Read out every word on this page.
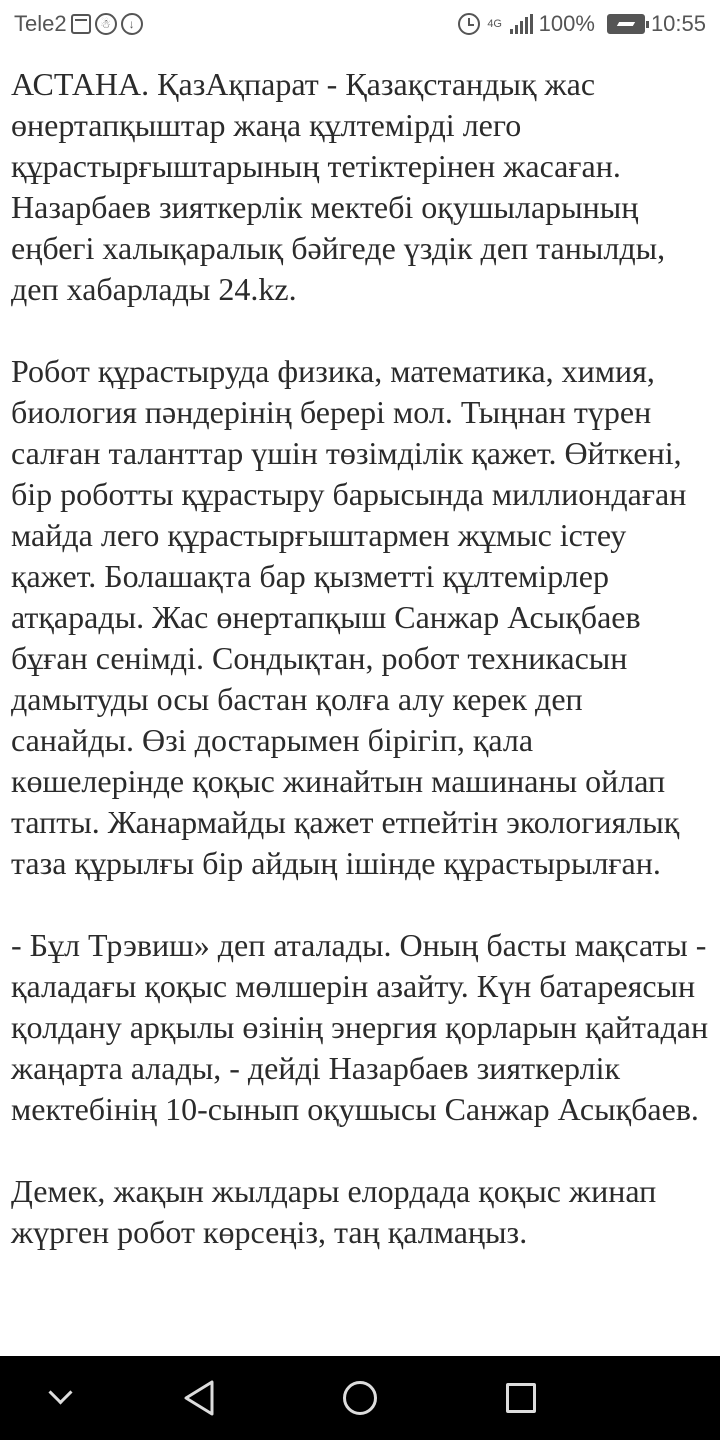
Tele2	☃	↓	4G 100%	10:55

АСТАНА. ҚазАқпарат - Қазақстандық жас өнертапқыштар жаңа құлтемірді лего құрастырғыштарының тетіктерінен жасаған. Назарбаев зияткерлік мектебі оқушыларының еңбегі халықаралық бәйгеде үздік деп танылды, деп хабарлады 24.kz.

Робот құрастыруда физика, математика, химия, биология пәндерінің берері мол. Тыңнан түрен салған таланттар үшін төзімділік қажет. Өйткені, бір роботты құрастыру барысында миллиондаған майда лего құрастырғыштармен жұмыс істеу қажет. Болашақта бар қызметті құлтемірлер атқарады. Жас өнертапқыш Санжар Асықбаев бұған сенімді. Сондықтан, робот техникасын дамытуды осы бастан қолға алу керек деп санайды. Өзі достарымен бірігіп, қала көшелерінде қоқыс жинайтын машинаны ойлап тапты. Жанармайды қажет етпейтін экологиялық таза құрылғы бір айдың ішінде құрастырылған.

- Бұл Трэвиш» деп аталады. Оның басты мақсаты - қаладағы қоқыс мөлшерін азайту. Күн батареясын қолдану арқылы өзінің энергия қорларын қайтадан жаңарта алады, - дейді Назарбаев зияткерлік мектебінің 10-сынып оқушысы Санжар Асықбаев.

Демек, жақын жылдары елордада қоқыс жинап жүрген робот көрсеңіз, таң қалмаңыз.
